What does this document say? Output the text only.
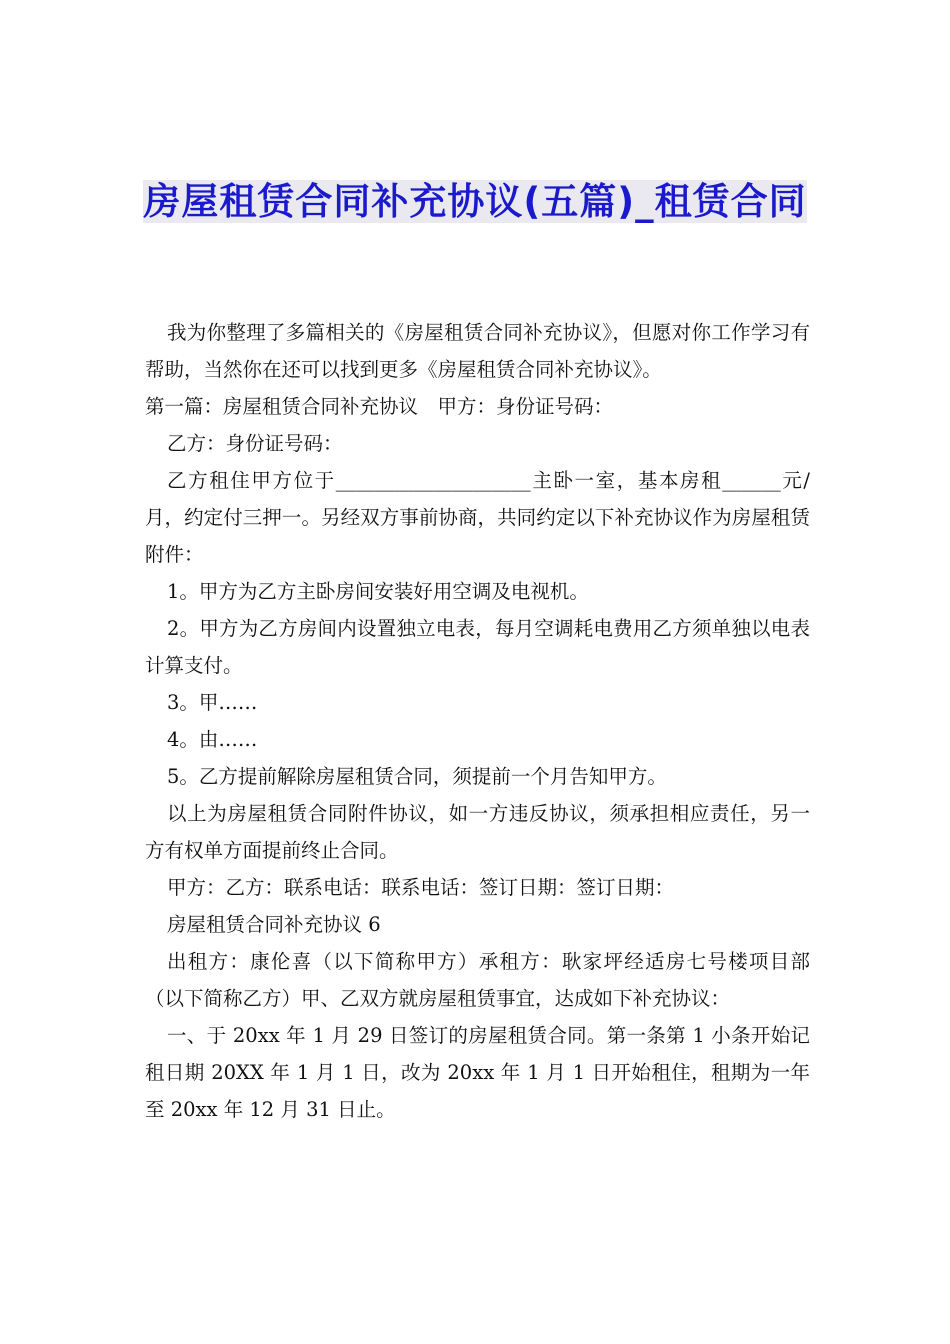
房屋租赁合同补充协议(五篇)_租赁合同

我为你整理了多篇相关的《房屋租赁合同补充协议》，但愿对你工作学习有帮助，当然你在还可以找到更多《房屋租赁合同补充协议》。

第一篇：房屋租赁合同补充协议　甲方：身份证号码：

乙方：身份证号码：

乙方租住甲方位于____________________主卧一室，基本房租______元/月，约定付三押一。另经双方事前协商，共同约定以下补充协议作为房屋租赁附件：

1。甲方为乙方主卧房间安装好用空调及电视机。

2。甲方为乙方房间内设置独立电表，每月空调耗电费用乙方须单独以电表计算支付。

3。甲……

4。由……

5。乙方提前解除房屋租赁合同，须提前一个月告知甲方。

以上为房屋租赁合同附件协议，如一方违反协议，须承担相应责任，另一方有权单方面提前终止合同。

甲方：乙方：联系电话：联系电话：签订日期：签订日期：

房屋租赁合同补充协议 6

出租方：康伦喜（以下简称甲方）承租方：耿家坪经适房七号楼项目部（以下简称乙方）甲、乙双方就房屋租赁事宜，达成如下补充协议：

一、于 20xx 年 1 月 29 日签订的房屋租赁合同。第一条第 1 小条开始记租日期 20XX 年 1 月 1 日，改为 20xx 年 1 月 1 日开始租住，租期为一年至 20xx 年 12 月 31 日止。
